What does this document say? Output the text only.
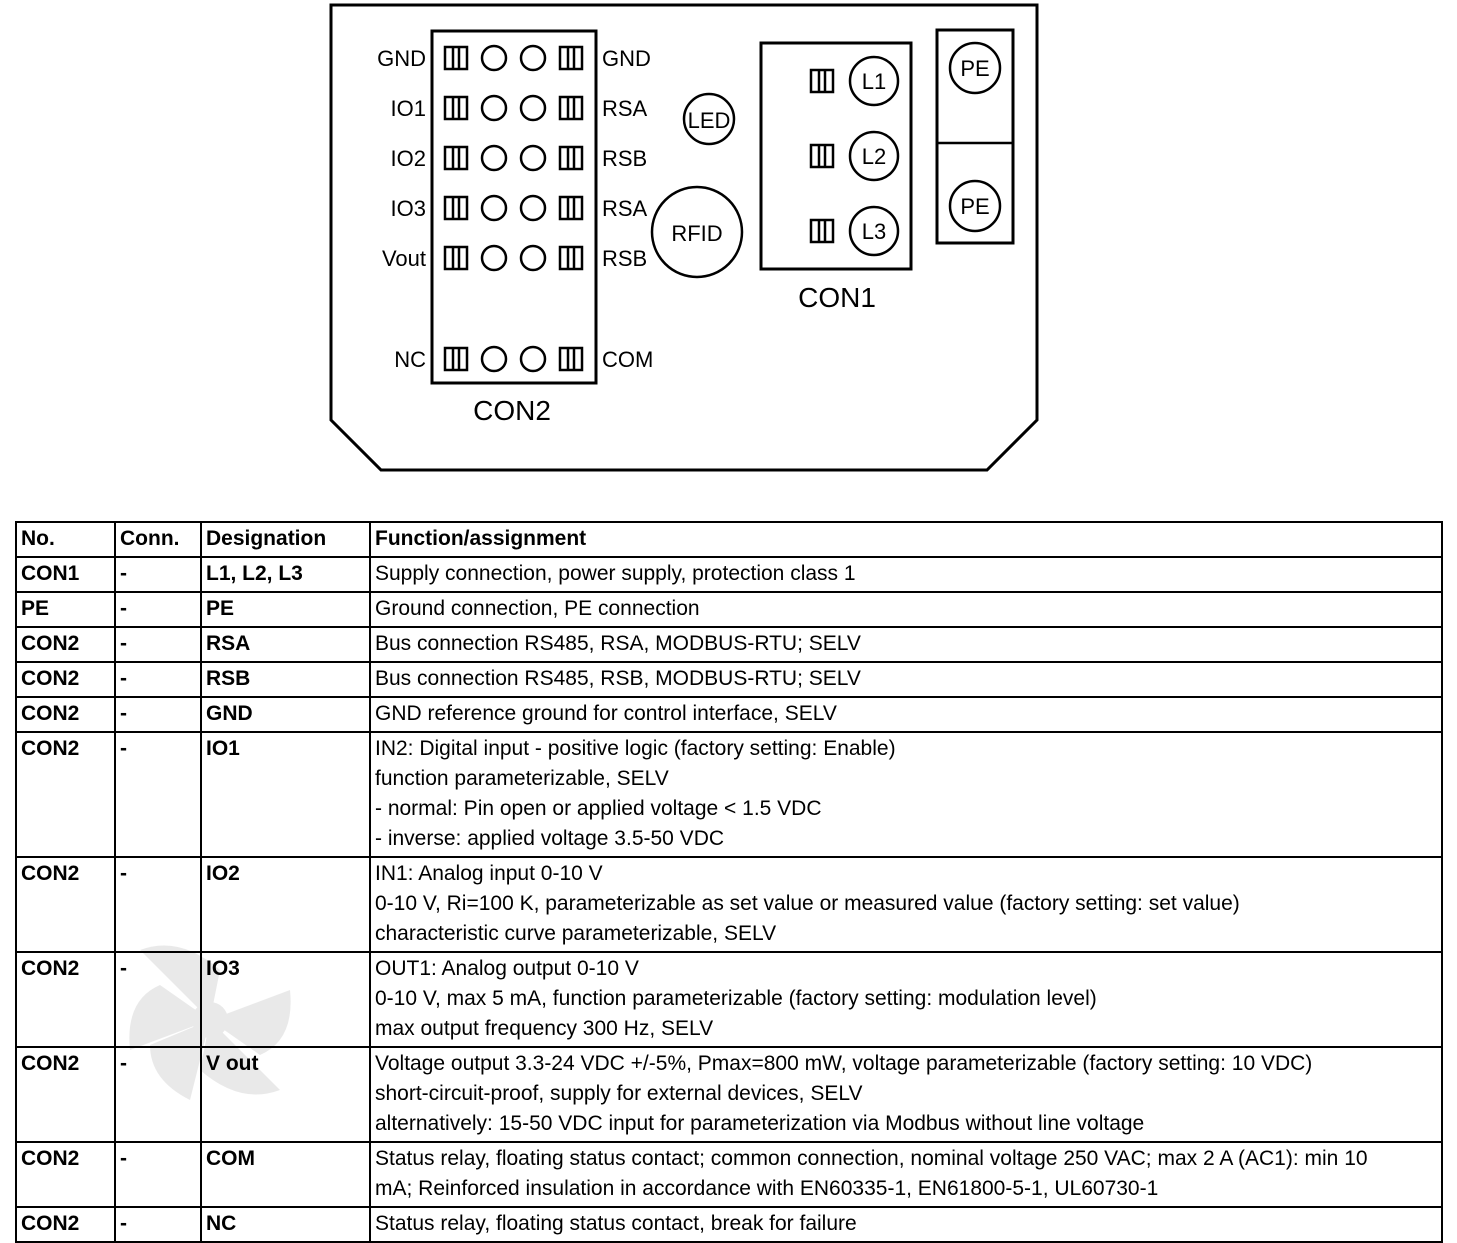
GND	GND
IO1	RSA
IO2	RSB
IO3	RSA
Vout	RSB
NC	COM
CON2
LED
RFID
L1
L2
L3
CON1
PE
PE
No.	Conn.	Designation	Function/assignment
CON1	-	L1, L2, L3	Supply connection, power supply, protection class 1

PE	-	PE	Ground connection, PE connection

CON2	-	RSA	Bus connection RS485, RSA, MODBUS-RTU; SELV

CON2	-	RSB	Bus connection RS485, RSB, MODBUS-RTU; SELV

CON2	-	GND	GND reference ground for control interface, SELV

CON2	-	IO1	IN2: Digital input - positive logic (factory setting: Enable)
function parameterizable, SELV
- normal: Pin open or applied voltage < 1.5 VDC
- inverse: applied voltage 3.5-50 VDC

CON2	-	IO2	IN1: Analog input 0-10 V
0-10 V, Ri=100 K, parameterizable as set value or measured value (factory setting: set value)
characteristic curve parameterizable, SELV

CON2	-	IO3	OUT1: Analog output 0-10 V
0-10 V, max 5 mA, function parameterizable (factory setting: modulation level)
max output frequency 300 Hz, SELV

CON2	-	V out	Voltage output 3.3-24 VDC +/-5%, Pmax=800 mW, voltage parameterizable (factory setting: 10 VDC)
short-circuit-proof, supply for external devices, SELV
alternatively: 15-50 VDC input for parameterization via Modbus without line voltage

CON2	-	COM	Status relay, floating status contact; common connection, nominal voltage 250 VAC; max 2 A (AC1): min 10
mA; Reinforced insulation in accordance with EN60335-1, EN61800-5-1, UL60730-1

CON2	-	NC	Status relay, floating status contact, break for failure
